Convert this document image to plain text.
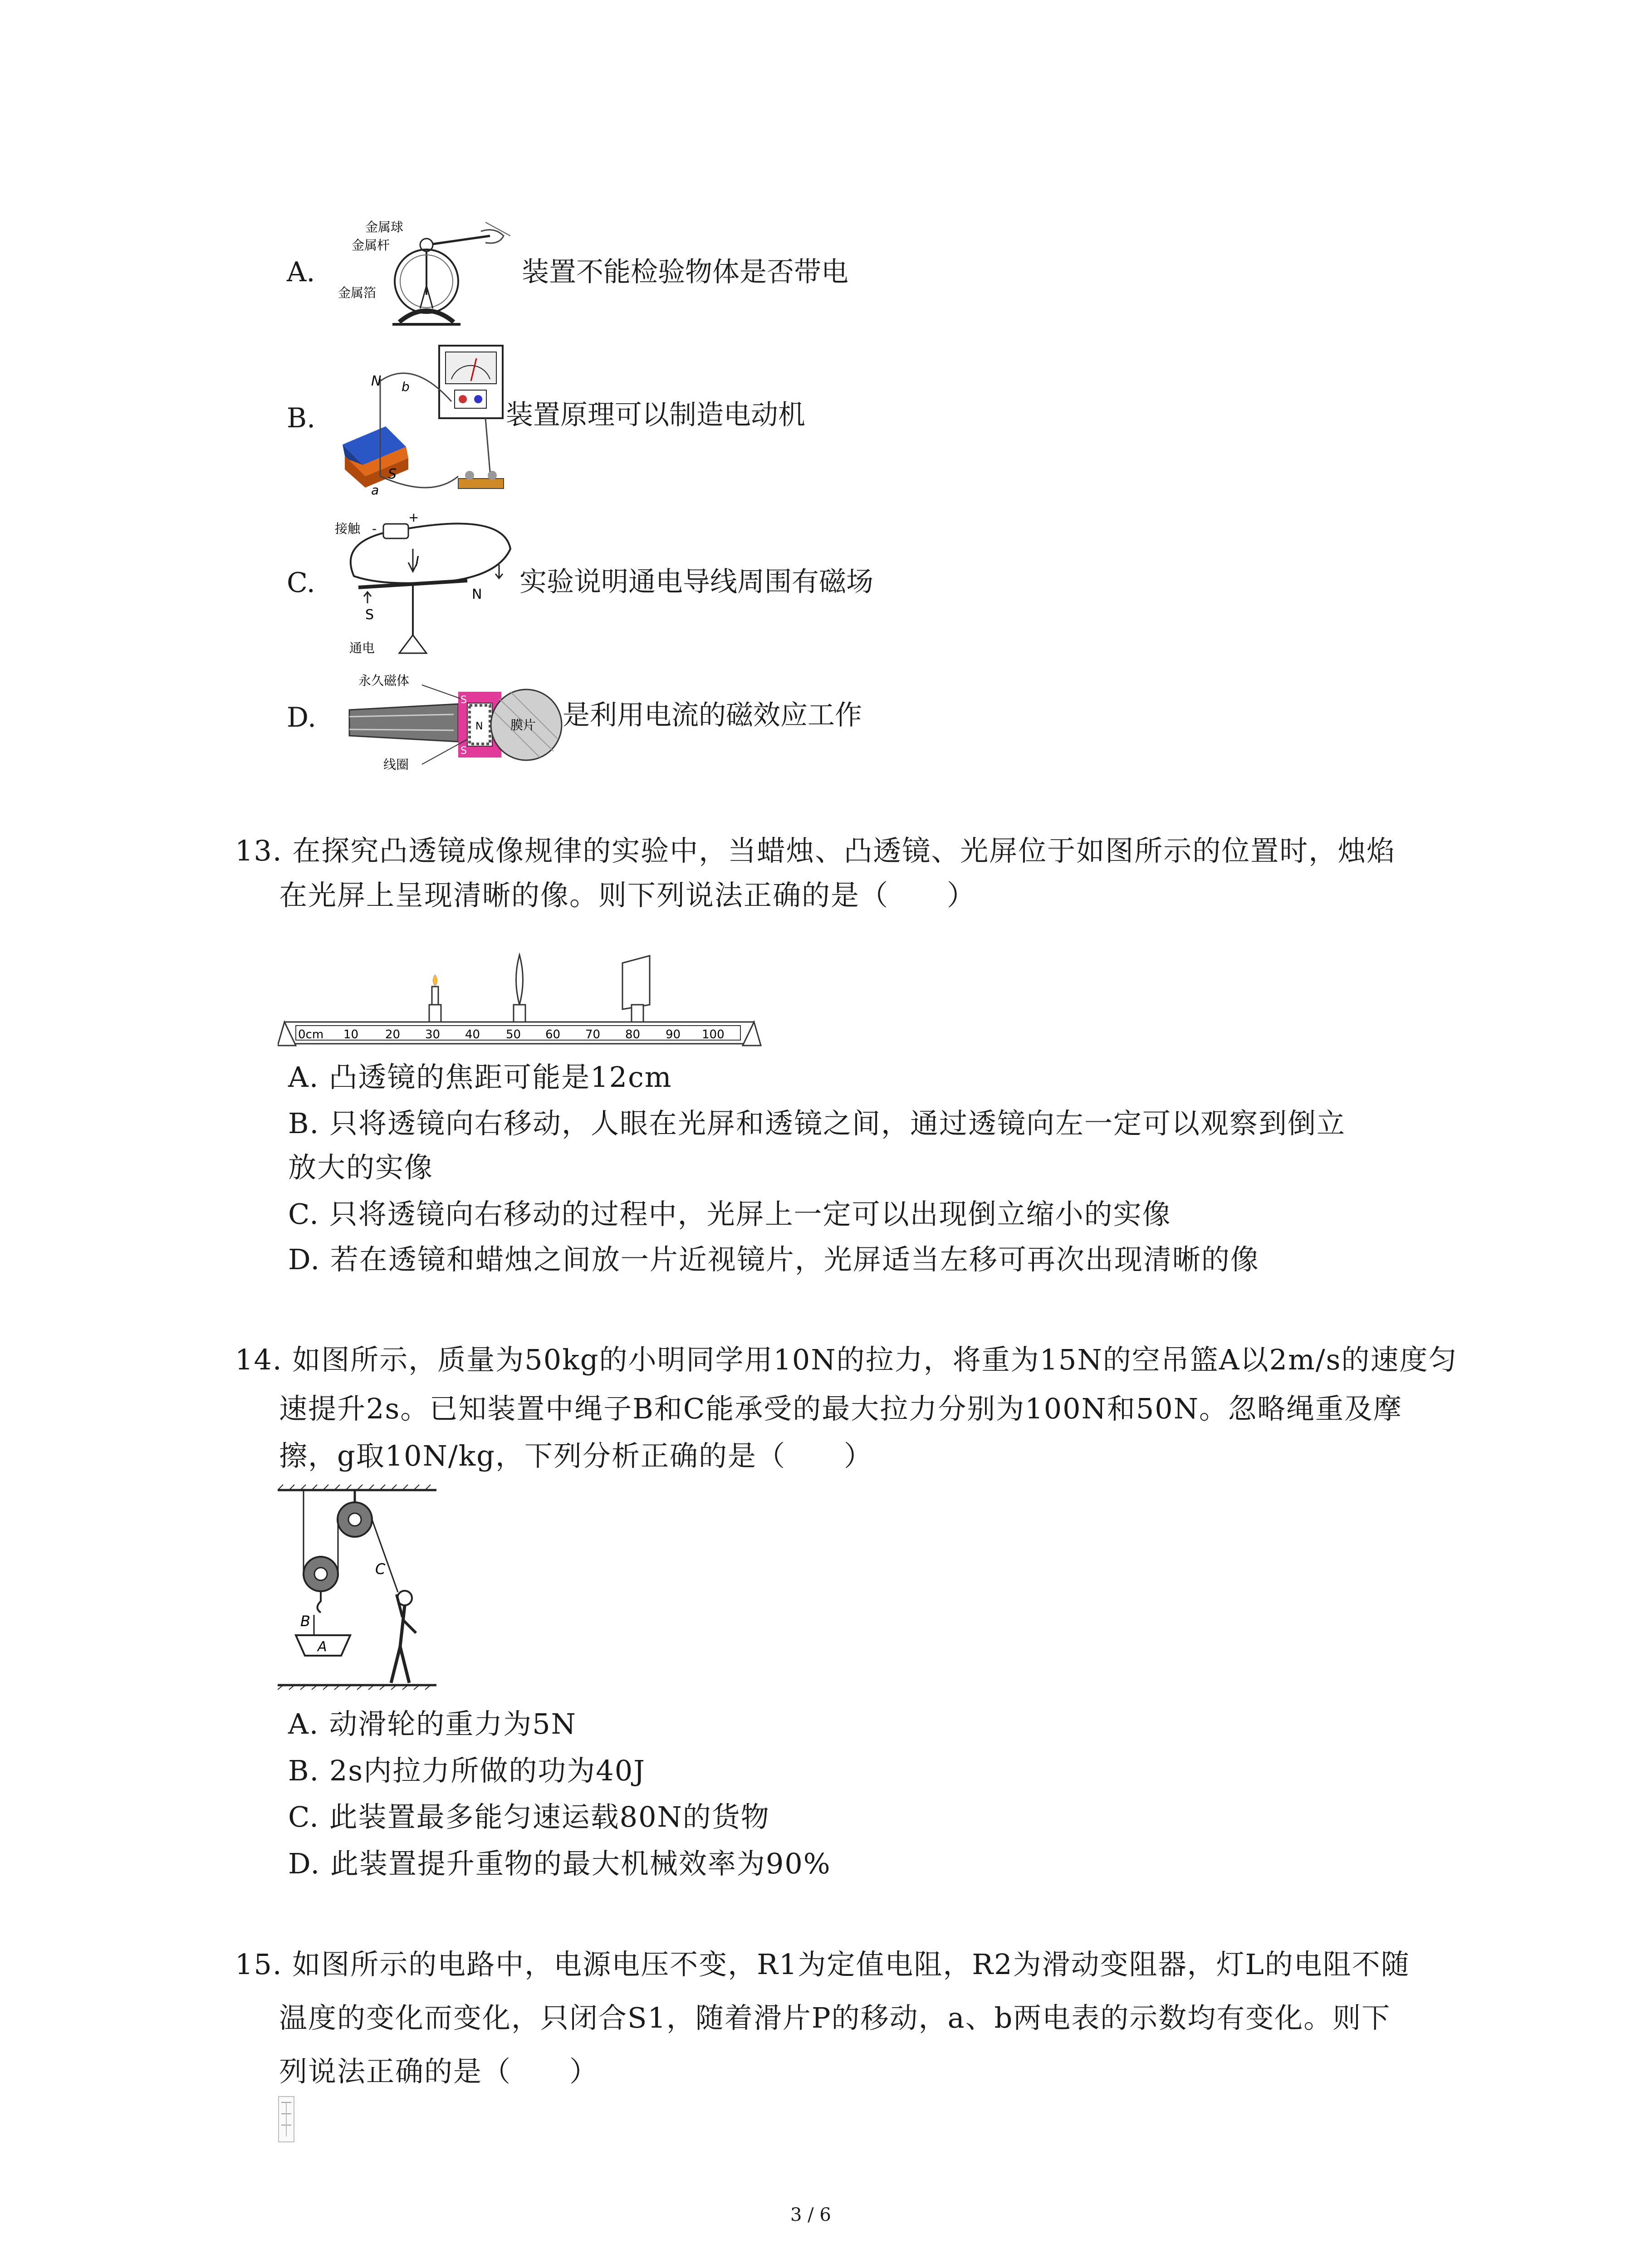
A.
金属球
金属杆
金属箔
装置不能检验物体是否带电
B.
N b
S
a
装置原理可以制造电动机
C.
接触 -
+
I
N
S
通电
实验说明通电导线周围有磁场
D.
永久磁体
线圈
S
S
N 膜片 是利用电流的磁效应工作
13. 在探究凸透镜成像规律的实验中，当蜡烛、凸透镜、光屏位于如图所示的位置时，烛焰
在光屏上呈现清晰的像。则下列说法正确的是（　　）
0cm 10 20 30 40 50 60 70 80 90 100
A. 凸透镜的焦距可能是12cm
B. 只将透镜向右移动，人眼在光屏和透镜之间，通过透镜向左一定可以观察到倒立
放大的实像
C. 只将透镜向右移动的过程中，光屏上一定可以出现倒立缩小的实像
D. 若在透镜和蜡烛之间放一片近视镜片，光屏适当左移可再次出现清晰的像
14. 如图所示，质量为50kg的小明同学用10N的拉力，将重为15N的空吊篮A以2m/s的速度匀
速提升2s。已知装置中绳子B和C能承受的最大拉力分别为100N和50N。忽略绳重及摩
擦，g取10N/kg，下列分析正确的是（　　）
C
B
A
A. 动滑轮的重力为5N
B. 2s内拉力所做的功为40J
C. 此装置最多能匀速运载80N的货物
D. 此装置提升重物的最大机械效率为90%
15. 如图所示的电路中，电源电压不变，R1为定值电阻，R2为滑动变阻器，灯L的电阻不随
温度的变化而变化，只闭合S1，随着滑片P的移动，a、b两电表的示数均有变化。则下
列说法正确的是（　　）
3 / 6
